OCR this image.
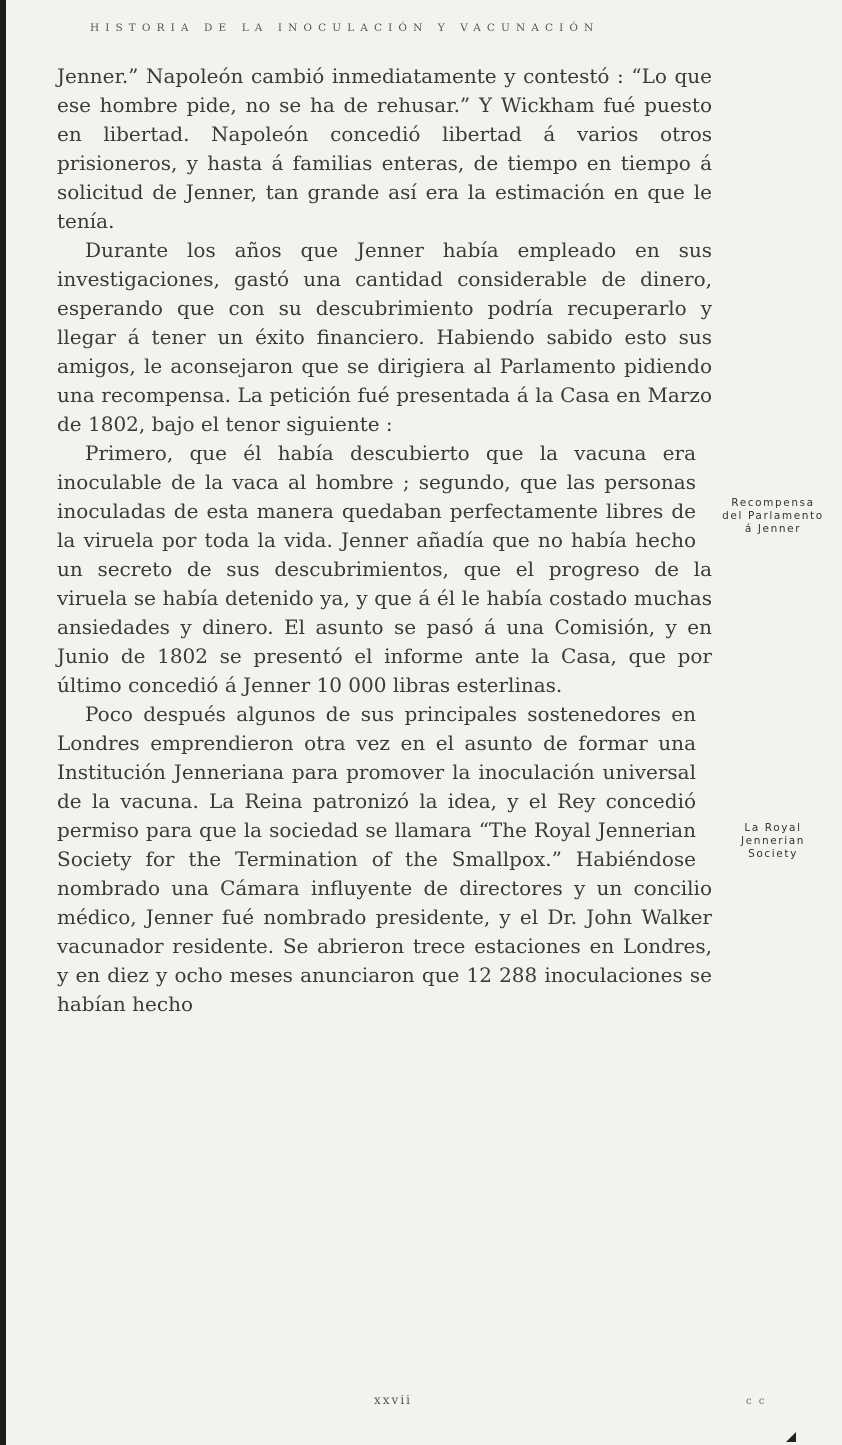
HISTORIA DE LA INOCULACIÓN Y VACUNACIÓN

Jenner.” Napoleón cambió inmediatamente y contestó : “Lo que ese hombre pide, no se ha de rehusar.” Y Wickham fué puesto en libertad. Napoleón concedió libertad á varios otros prisioneros, y hasta á familias enteras, de tiempo en tiempo á solicitud de Jenner, tan grande así era la estimación en que le tenía.

Durante los años que Jenner había empleado en sus investigaciones, gastó una cantidad considerable de dinero, esperando que con su descubrimiento podría recuperarlo y llegar á tener un éxito financiero. Habiendo sabido esto sus amigos, le aconsejaron que se dirigiera al Parlamento pidiendo una recompensa. La petición fué presentada á la Casa en Marzo de 1802, bajo el tenor siguiente :

Recompensa
del Parlamento
á Jenner
Primero, que él había descubierto que la vacuna era inoculable de la vaca al hombre ; segundo, que las personas inoculadas de esta manera quedaban perfectamente libres de la viruela por toda la vida. Jenner añadía que no había hecho un secreto de sus descubrimientos, que el progreso de la viruela se había detenido ya, y que á él le había costado muchas ansiedades y dinero. El asunto se pasó á una Comisión, y en Junio de 1802 se presentó el informe ante la Casa, que por último concedió á Jenner 10 000 libras esterlinas.

La Royal
Jennerian
Society
Poco después algunos de sus principales sostenedores en Londres emprendieron otra vez en el asunto de formar una Institución Jenneriana para promover la inoculación universal de la vacuna. La Reina patronizó la idea, y el Rey concedió permiso para que la sociedad se llamara “The Royal Jennerian Society for the Termination of the Smallpox.” Habiéndose nombrado una Cámara influyente de directores y un concilio médico, Jenner fué nombrado presidente, y el Dr. John Walker vacunador residente. Se abrieron trece estaciones en Londres, y en diez y ocho meses anunciaron que 12 288 inoculaciones se habían hecho

xxvii	c c
